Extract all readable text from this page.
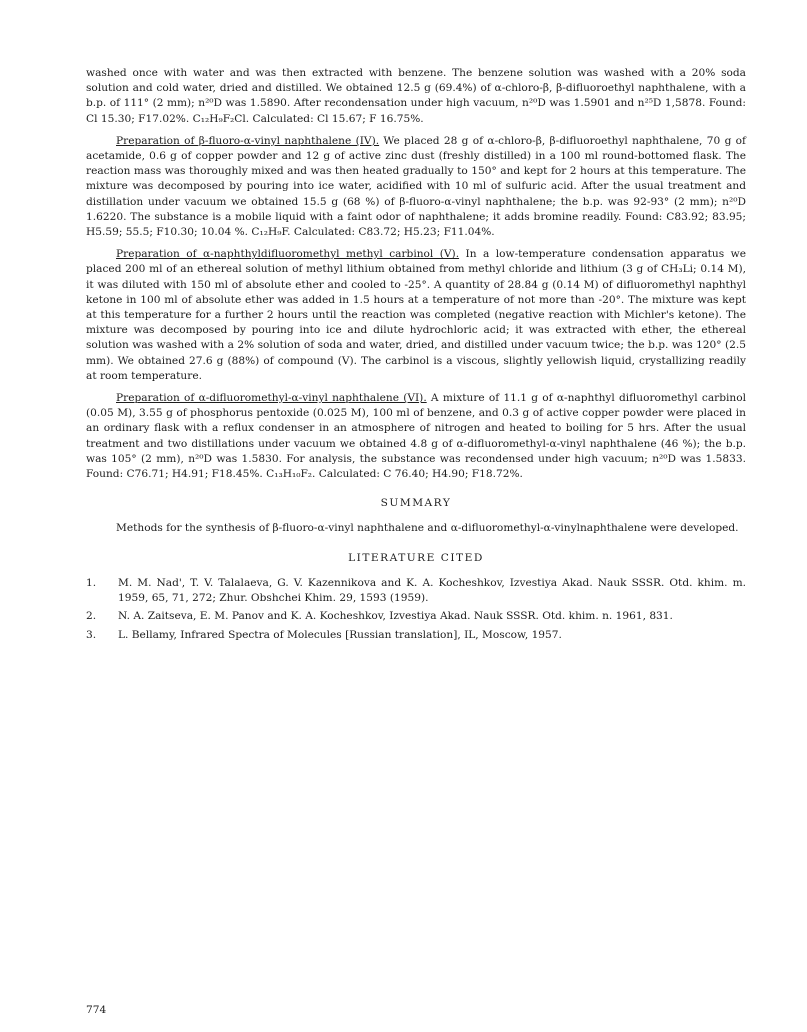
washed once with water and was then extracted with benzene. The benzene solution was washed with a 20% soda solution and cold water, dried and distilled. We obtained 12.5 g (69.4%) of α-chloro-β, β-difluoroethyl naphthalene, with a b.p. of 111° (2 mm); n²⁰D was 1.5890. After recondensation under high vacuum, n²⁰D was 1.5901 and n²⁵D 1,5878. Found: Cl 15.30; F17.02%. C₁₂H₉F₂Cl. Calculated: Cl 15.67; F 16.75%.

Preparation of β-fluoro-α-vinyl naphthalene (IV). We placed 28 g of α-chloro-β, β-difluoroethyl naphthalene, 70 g of acetamide, 0.6 g of copper powder and 12 g of active zinc dust (freshly distilled) in a 100 ml round-bottomed flask. The reaction mass was thoroughly mixed and was then heated gradually to 150° and kept for 2 hours at this temperature. The mixture was decomposed by pouring into ice water, acidified with 10 ml of sulfuric acid. After the usual treatment and distillation under vacuum we obtained 15.5 g (68 %) of β-fluoro-α-vinyl naphthalene; the b.p. was 92-93° (2 mm); n²⁰D 1.6220. The substance is a mobile liquid with a faint odor of naphthalene; it adds bromine readily. Found: C83.92; 83.95; H5.59; 55.5; F10.30; 10.04 %. C₁₂H₉F. Calculated: C83.72; H5.23; F11.04%.

Preparation of α-naphthyldifluoromethyl methyl carbinol (V). In a low-temperature condensation apparatus we placed 200 ml of an ethereal solution of methyl lithium obtained from methyl chloride and lithium (3 g of CH₃Li; 0.14 M), it was diluted with 150 ml of absolute ether and cooled to -25°. A quantity of 28.84 g (0.14 M) of difluoromethyl naphthyl ketone in 100 ml of absolute ether was added in 1.5 hours at a temperature of not more than -20°. The mixture was kept at this temperature for a further 2 hours until the reaction was completed (negative reaction with Michler's ketone). The mixture was decomposed by pouring into ice and dilute hydrochloric acid; it was extracted with ether, the ethereal solution was washed with a 2% solution of soda and water, dried, and distilled under vacuum twice; the b.p. was 120° (2.5 mm). We obtained 27.6 g (88%) of compound (V). The carbinol is a viscous, slightly yellowish liquid, crystallizing readily at room temperature.

Preparation of α-difluoromethyl-α-vinyl naphthalene (VI). A mixture of 11.1 g of α-naphthyl difluoromethyl carbinol (0.05 M), 3.55 g of phosphorus pentoxide (0.025 M), 100 ml of benzene, and 0.3 g of active copper powder were placed in an ordinary flask with a reflux condenser in an atmosphere of nitrogen and heated to boiling for 5 hrs. After the usual treatment and two distillations under vacuum we obtained 4.8 g of α-difluoromethyl-α-vinyl naphthalene (46 %); the b.p. was 105° (2 mm), n²⁰D was 1.5830. For analysis, the substance was recondensed under high vacuum; n²⁰D was 1.5833. Found: C76.71; H4.91; F18.45%. C₁₃H₁₀F₂. Calculated: C 76.40; H4.90; F18.72%.

SUMMARY

Methods for the synthesis of β-fluoro-α-vinyl naphthalene and α-difluoromethyl-α-vinylnaphthalene were developed.

LITERATURE CITED
1.	M. M. Nad', T. V. Talalaeva, G. V. Kazennikova and K. A. Kocheshkov, Izvestiya Akad. Nauk SSSR. Otd. khim. m. 1959, 65, 71, 272; Zhur. Obshchei Khim. 29, 1593 (1959).
2.	N. A. Zaitseva, E. M. Panov and K. A. Kocheshkov, Izvestiya Akad. Nauk SSSR. Otd. khim. n. 1961, 831.
3.	L. Bellamy, Infrared Spectra of Molecules [Russian translation], IL, Moscow, 1957.
774
